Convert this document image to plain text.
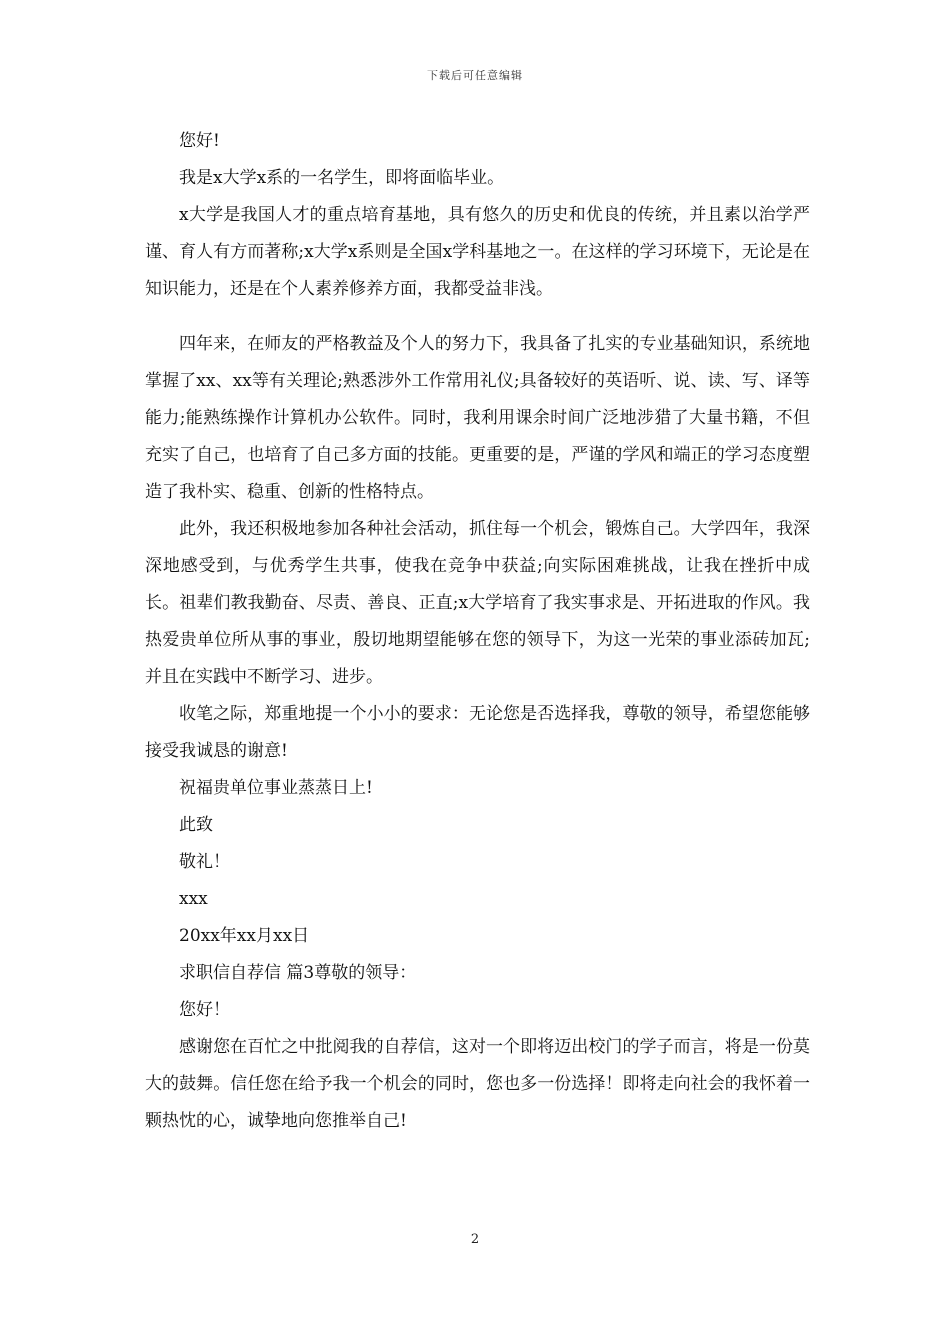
下载后可任意编辑

您好!

我是x大学x系的一名学生，即将面临毕业。

x大学是我国人才的重点培育基地，具有悠久的历史和优良的传统，并且素以治学严谨、育人有方而著称;x大学x系则是全国x学科基地之一。在这样的学习环境下，无论是在知识能力，还是在个人素养修养方面，我都受益非浅。

四年来，在师友的严格教益及个人的努力下，我具备了扎实的专业基础知识，系统地掌握了xx、xx等有关理论;熟悉涉外工作常用礼仪;具备较好的英语听、说、读、写、译等能力;能熟练操作计算机办公软件。同时，我利用课余时间广泛地涉猎了大量书籍，不但充实了自己，也培育了自己多方面的技能。更重要的是，严谨的学风和端正的学习态度塑造了我朴实、稳重、创新的性格特点。

此外，我还积极地参加各种社会活动，抓住每一个机会，锻炼自己。大学四年，我深深地感受到，与优秀学生共事，使我在竞争中获益;向实际困难挑战，让我在挫折中成长。祖辈们教我勤奋、尽责、善良、正直;x大学培育了我实事求是、开拓进取的作风。我热爱贵单位所从事的事业，殷切地期望能够在您的领导下，为这一光荣的事业添砖加瓦;并且在实践中不断学习、进步。

收笔之际，郑重地提一个小小的要求：无论您是否选择我，尊敬的领导，希望您能够接受我诚恳的谢意!

祝福贵单位事业蒸蒸日上!

此致

敬礼！

xxx

20xx年xx月xx日

求职信自荐信 篇3尊敬的领导：

您好！

感谢您在百忙之中批阅我的自荐信，这对一个即将迈出校门的学子而言，将是一份莫大的鼓舞。信任您在给予我一个机会的同时，您也多一份选择！即将走向社会的我怀着一颗热忱的心，诚挚地向您推举自己!

2
